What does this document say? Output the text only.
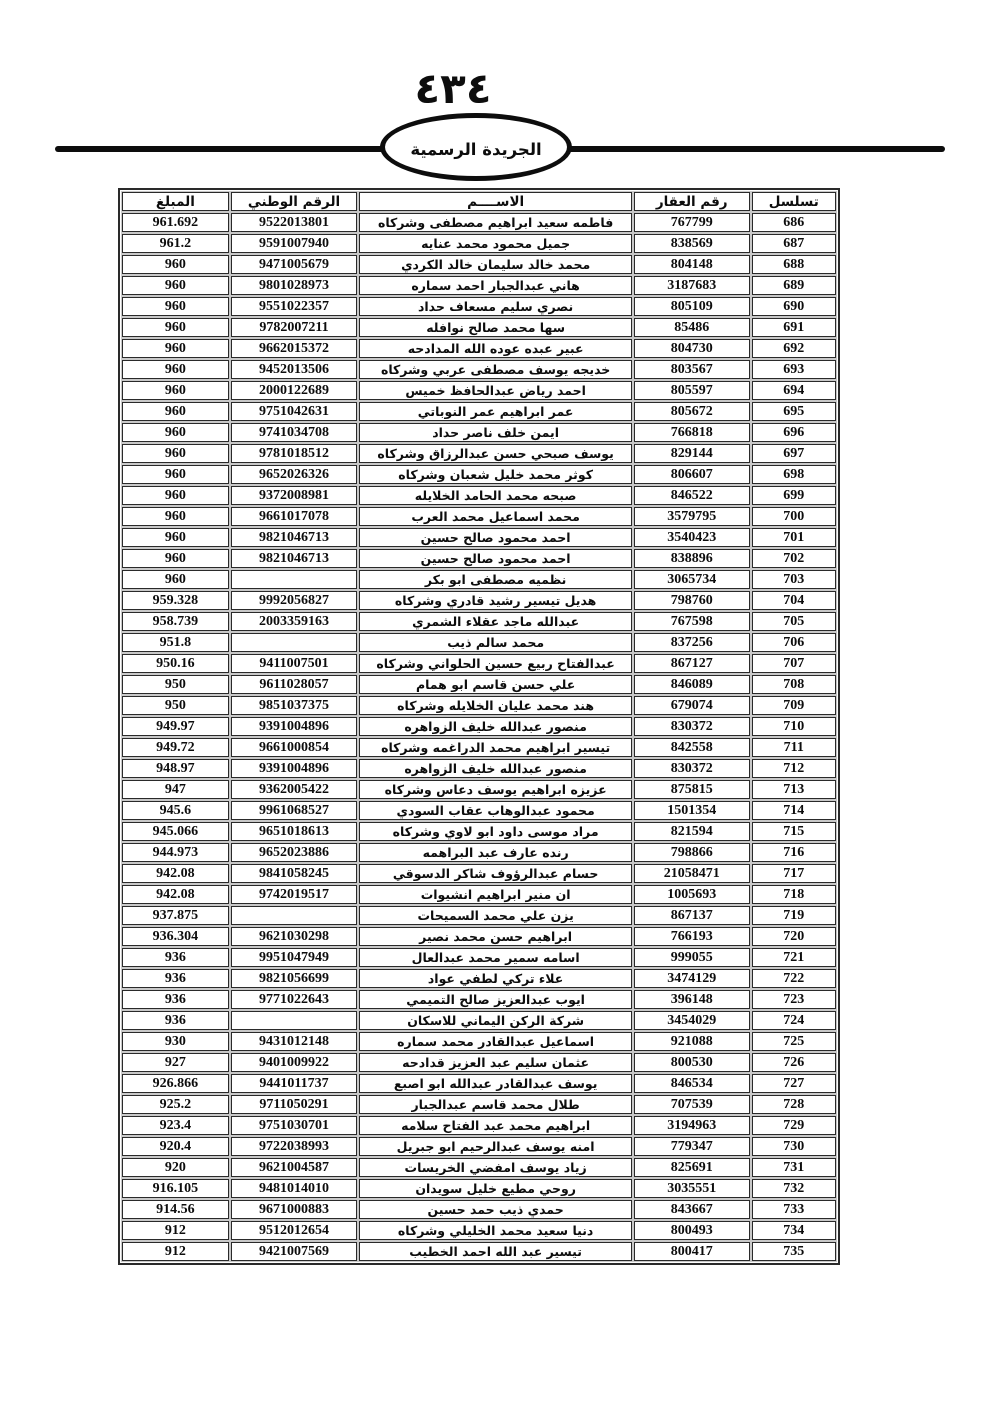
٤٣٤
الجريدة الرسمية
تسلسل	رقم العقار	الاســــم	الرقم الوطني	المبلغ
686	767799	فاطمه سعيد ابراهيم مصطفى وشركاه	9522013801	961.692
687	838569	جميل محمود محمد عنايه	9591007940	961.2
688	804148	محمد خالد سليمان خالد الكردي	9471005679	960
689	3187683	هاني عبدالجبار احمد سماره	9801028973	960
690	805109	نصري سليم مسعاف حداد	9551022357	960
691	85486	سها محمد صالح نوافله	9782007211	960
692	804730	عبير عبده عوده الله المدادحه	9662015372	960
693	803567	خديجه يوسف مصطفى عربي وشركاه	9452013506	960
694	805597	احمد رياض عبدالحافظ خميس	2000122689	960
695	805672	عمر ابراهيم عمر النوباتي	9751042631	960
696	766818	ايمن خلف ناصر حداد	9741034708	960
697	829144	يوسف صبحي حسن عبدالرزاق وشركاه	9781018512	960
698	806607	كوثر محمد خليل شعبان وشركاه	9652026326	960
699	846522	صبحه محمد الحامد الخلايله	9372008981	960
700	3579795	محمد اسماعيل محمد العرب	9661017078	960
701	3540423	احمد محمود صالح حسين	9821046713	960
702	838896	احمد محمود صالح حسين	9821046713	960
703	3065734	نظميه مصطفى ابو بكر		960
704	798760	هديل تيسير رشيد قادري وشركاه	9992056827	959.328
705	767598	عبدالله ماجد عقلاء الشمري	2003359163	958.739
706	837256	محمد سالم ذيب		951.8
707	867127	عبدالفتاح ربيع حسين الحلواني وشركاه	9411007501	950.16
708	846089	علي حسن قاسم ابو همام	9611028057	950
709	679074	هند محمد عليان الخلايله وشركاه	9851037375	950
710	830372	منصور عبدالله خليف الزواهره	9391004896	949.97
711	842558	تيسير ابراهيم محمد الدراغمه وشركاه	9661000854	949.72
712	830372	منصور عبدالله خليف الزواهره	9391004896	948.97
713	875815	عزيزه ابراهيم يوسف دعاس وشركاه	9362005422	947
714	1501354	محمود عبدالوهاب عقاب السودي	9961068527	945.6
715	821594	مراد موسى داود ابو لاوي وشركاه	9651018613	945.066
716	798866	رنده عارف عبد البراهمه	9652023886	944.973
717	21058471	حسام عبدالرؤوف شاكر الدسوقي	9841058245	942.08
718	1005693	ان منير ابراهيم انشيوات	9742019517	942.08
719	867137	يزن علي محمد السميحات		937.875
720	766193	ابراهيم حسن محمد نصير	9621030298	936.304
721	999055	اسامه سمير محمد عبدالعال	9951047949	936
722	3474129	علاء تركي لطفي عواد	9821056699	936
723	396148	ايوب عبدالعزيز صالح التميمي	9771022643	936
724	3454029	شركة الركن اليماني للاسكان		936
725	921088	اسماعيل عبدالقادر محمد سماره	9431012148	930
726	800530	عثمان سليم عبد العزيز قدادحه	9401009922	927
727	846534	يوسف عبدالقادر عبدالله ابو اصبع	9441011737	926.866
728	707539	طلال محمد قاسم عبدالجبار	9711050291	925.2
729	3194963	ابراهيم محمد عبد الفتاح سلامه	9751030701	923.4
730	779347	امنه يوسف عبدالرحيم ابو جبريل	9722038993	920.4
731	825691	زياد يوسف امفضي الخريسات	9621004587	920
732	3035551	روحي مطيع خليل سويدان	9481014010	916.105
733	843667	حمدي ذيب حمد حسين	9671000883	914.56
734	800493	دنيا سعيد محمد الخليلي وشركاه	9512012654	912
735	800417	تيسير عبد الله احمد الخطيب	9421007569	912
